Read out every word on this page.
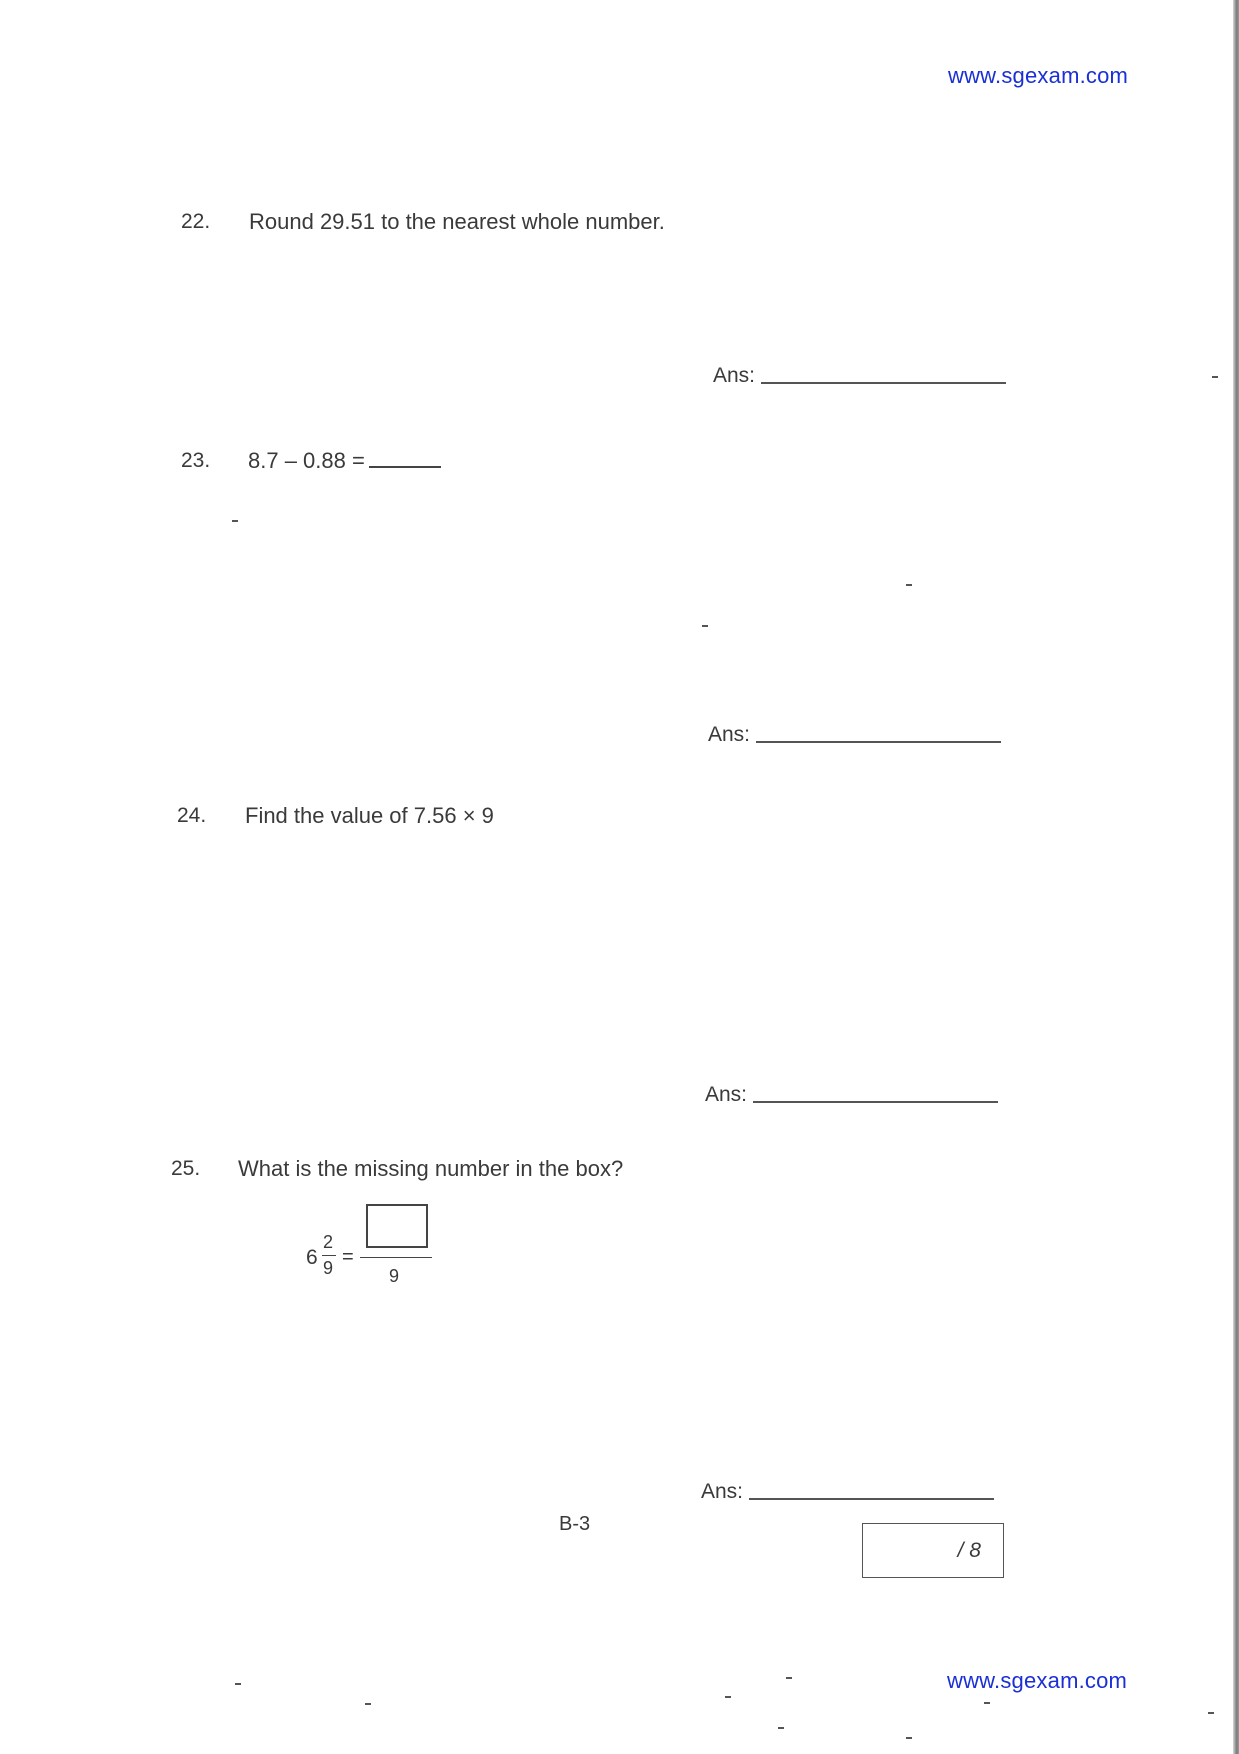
www.sgexam.com
22. Round 29.51 to the nearest whole number.
Ans:
23. 8.7 – 0.88 =
Ans:
24. Find the value of 7.56 × 9
Ans:
25. What is the missing number in the box?
6
2
9 =
9
Ans:
B-3
/ 8
www.sgexam.com
